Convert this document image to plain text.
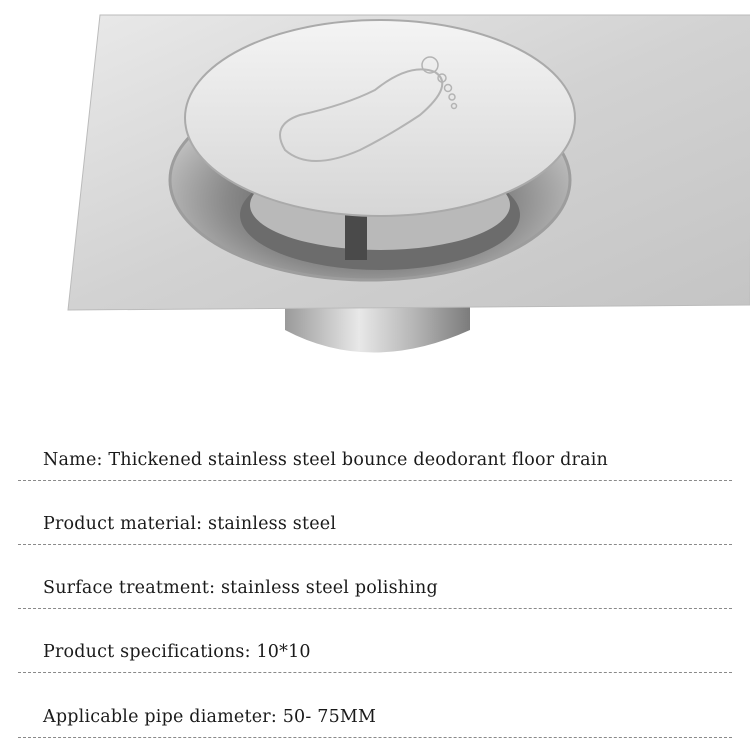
Name: Thickened stainless steel bounce deodorant floor drain
Product material: stainless steel
Surface treatment: stainless steel polishing
Product specifications: 10*10
Applicable pipe diameter: 50- 75MM
